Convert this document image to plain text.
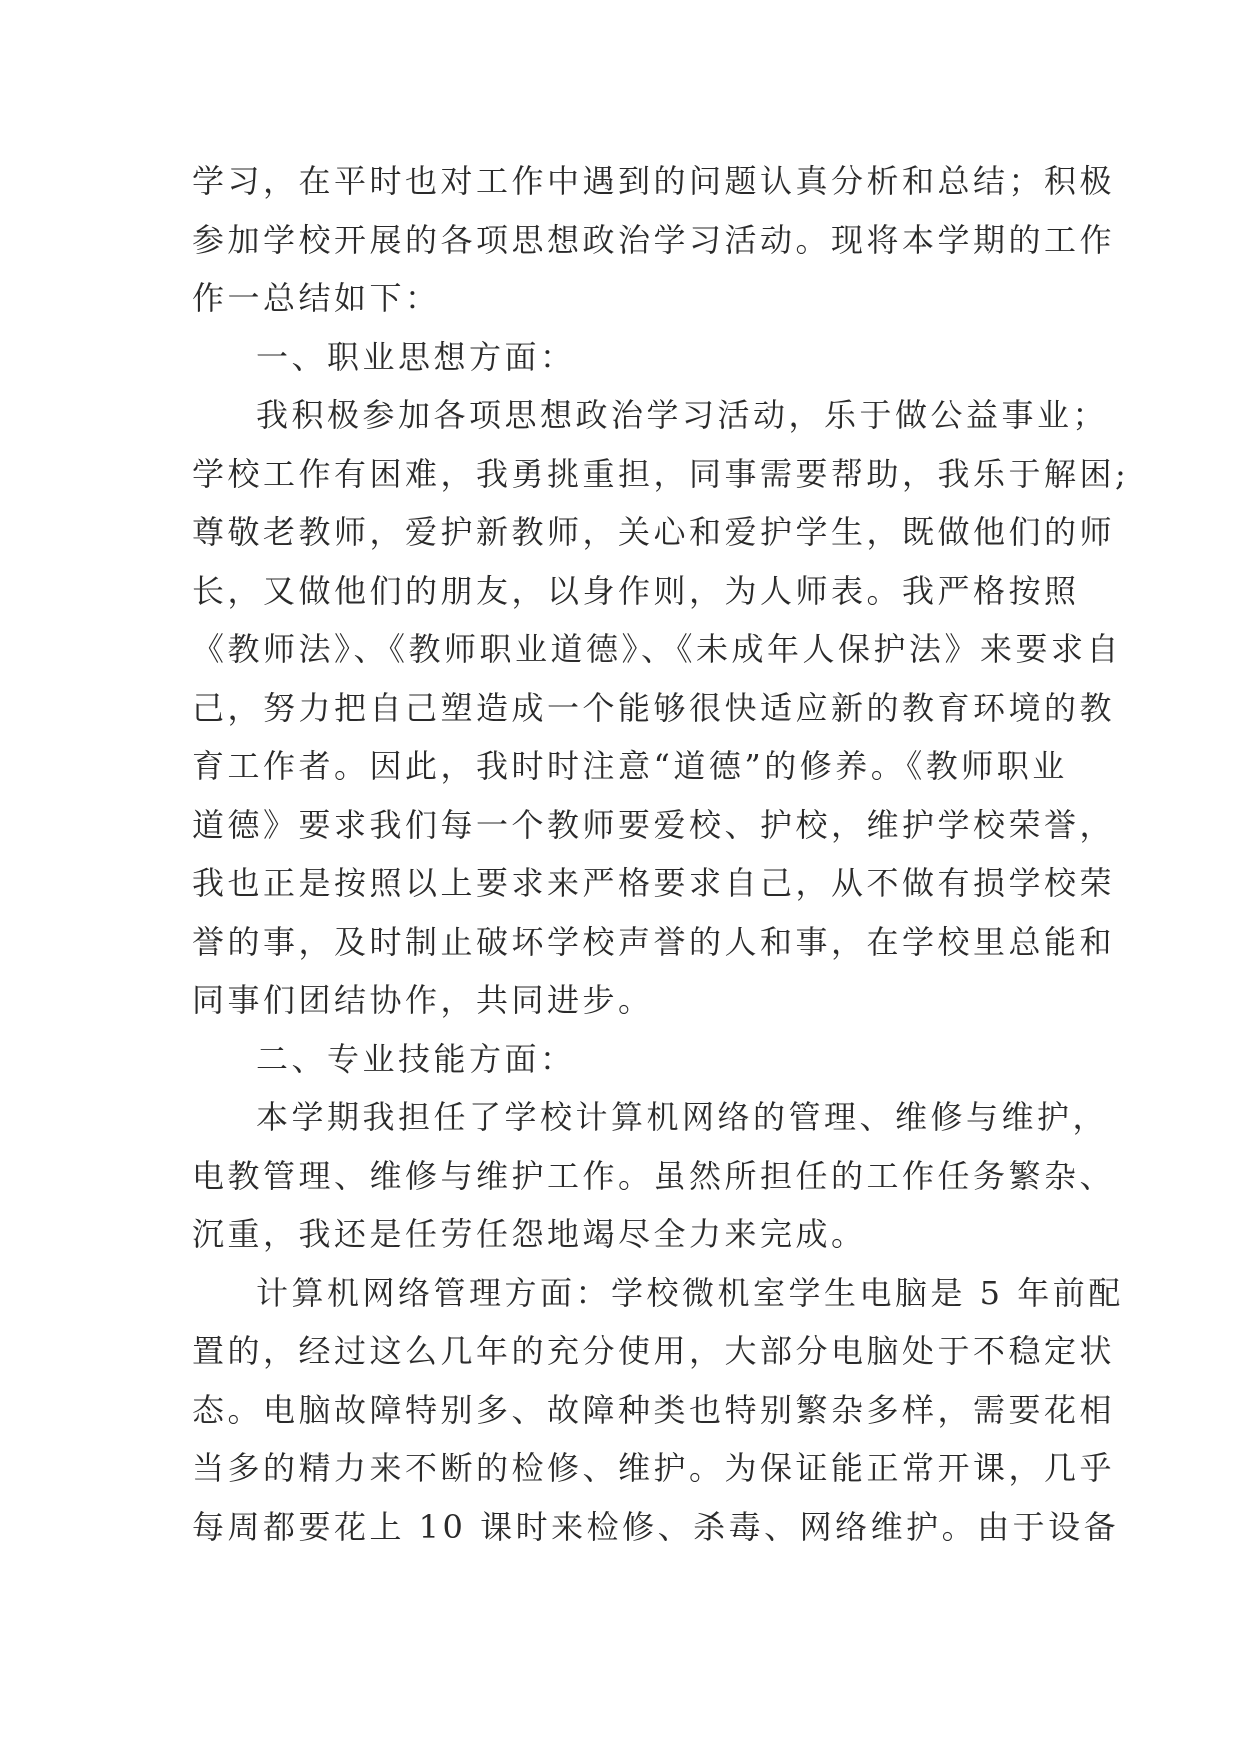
学习，在平时也对工作中遇到的问题认真分析和总结；积极
参加学校开展的各项思想政治学习活动。现将本学期的工作
作一总结如下：
一、职业思想方面：
我积极参加各项思想政治学习活动，乐于做公益事业；
学校工作有困难，我勇挑重担，同事需要帮助，我乐于解困;
尊敬老教师，爱护新教师，关心和爱护学生，既做他们的师
长，又做他们的朋友，以身作则，为人师表。我严格按照
《教师法》、《教师职业道德》、《未成年人保护法》来要求自
己，努力把自己塑造成一个能够很快适应新的教育环境的教
育工作者。因此，我时时注意“道德”的修养。《教师职业
道德》要求我们每一个教师要爱校、护校，维护学校荣誉，
我也正是按照以上要求来严格要求自己，从不做有损学校荣
誉的事，及时制止破坏学校声誉的人和事，在学校里总能和
同事们团结协作，共同进步。
二、专业技能方面：
本学期我担任了学校计算机网络的管理、维修与维护，
电教管理、维修与维护工作。虽然所担任的工作任务繁杂、
沉重，我还是任劳任怨地竭尽全力来完成。
计算机网络管理方面：学校微机室学生电脑是 5 年前配
置的，经过这么几年的充分使用，大部分电脑处于不稳定状
态。电脑故障特别多、故障种类也特别繁杂多样，需要花相
当多的精力来不断的检修、维护。为保证能正常开课，几乎
每周都要花上 10 课时来检修、杀毒、网络维护。由于设备
